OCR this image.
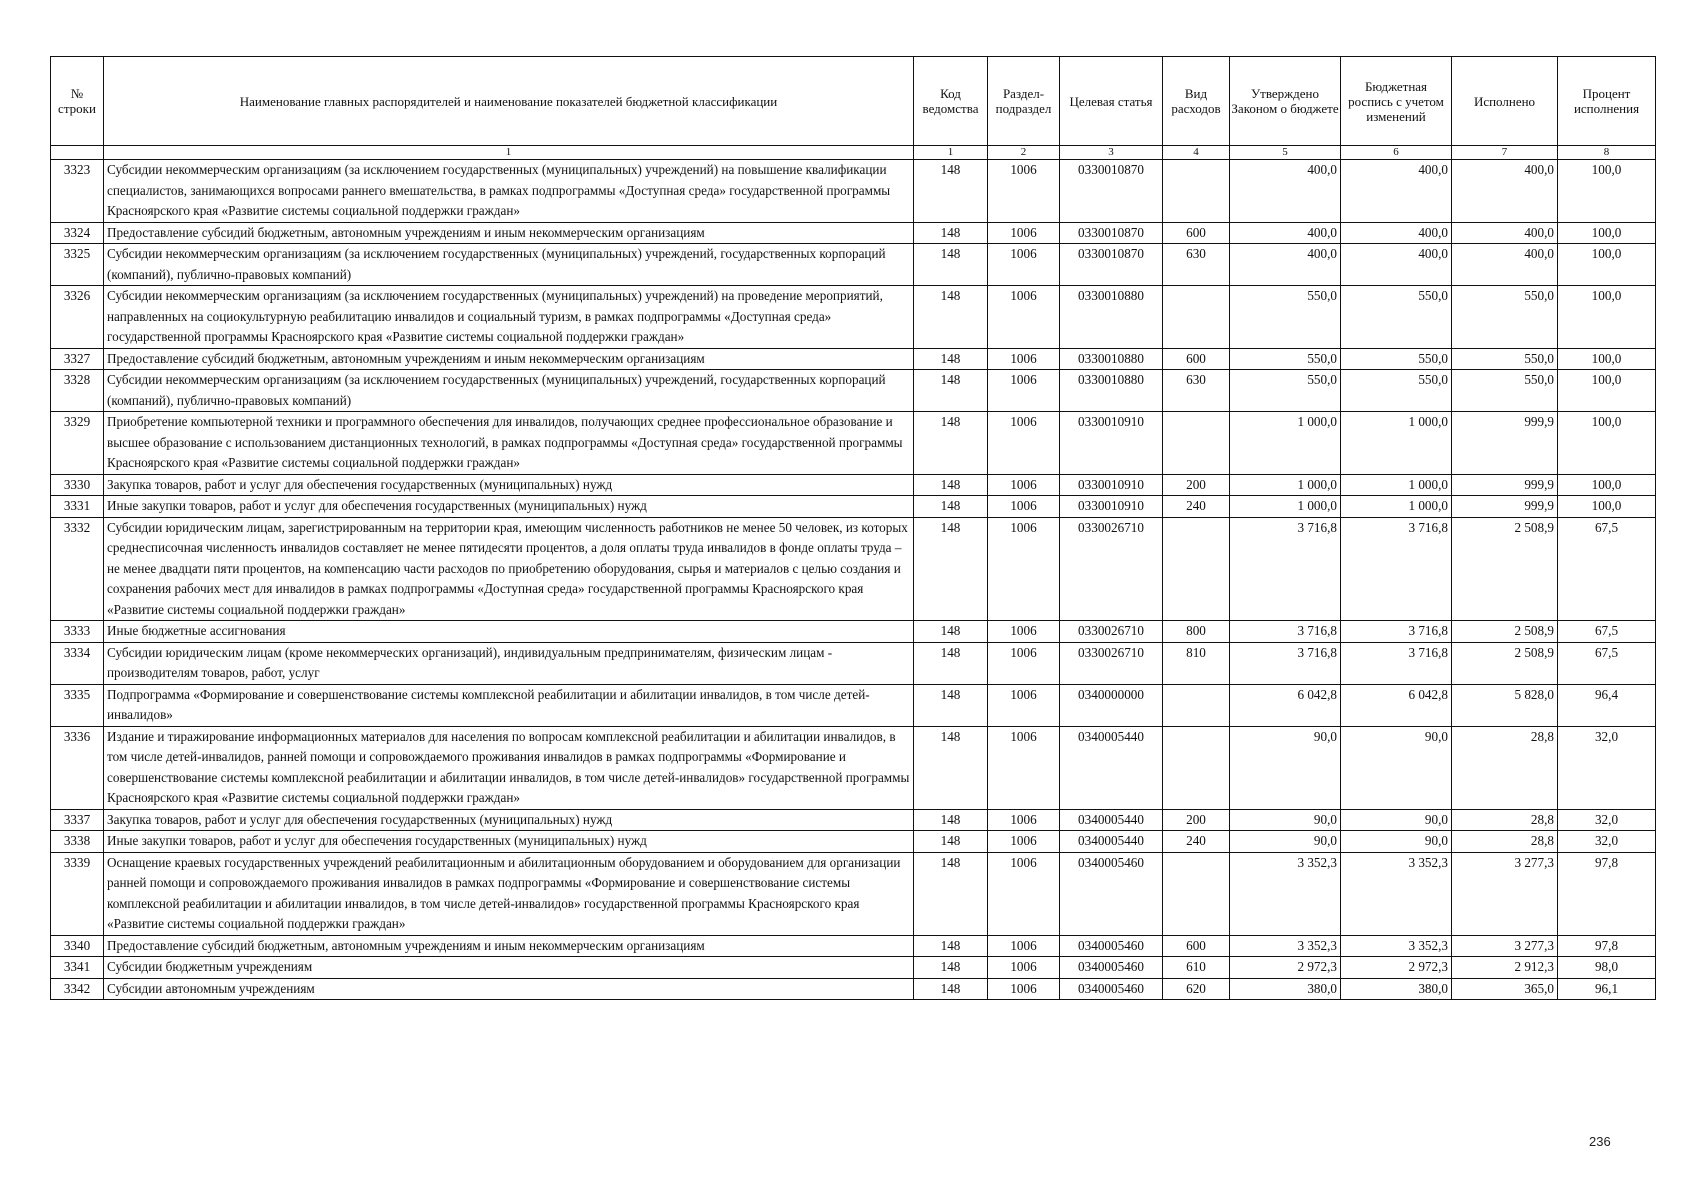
№
строки	Наименование главных распорядителей и наименование показателей бюджетной классификации	Код ведомства	Раздел-подраздел	Целевая статья	Вид расходов	Утверждено Законом о бюджете	Бюджетная роспись с учетом изменений	Исполнено	Процент исполнения
	1	1	2	3	4	5	6	7	8
3323	Субсидии некоммерческим организациям (за исключением государственных (муниципальных) учреждений) на повышение квалификации специалистов, занимающихся вопросами раннего вмешательства, в рамках подпрограммы «Доступная среда» государственной программы Красноярского края «Развитие системы социальной поддержки граждан»	148	1006	0330010870		400,0	400,0	400,0	100,0
3324	Предоставление субсидий бюджетным, автономным учреждениям и иным некоммерческим организациям	148	1006	0330010870	600	400,0	400,0	400,0	100,0
3325	Субсидии некоммерческим организациям (за исключением государственных (муниципальных) учреждений, государственных корпораций (компаний), публично-правовых компаний)	148	1006	0330010870	630	400,0	400,0	400,0	100,0
3326	Субсидии некоммерческим организациям (за исключением государственных (муниципальных) учреждений) на проведение мероприятий, направленных на социокультурную реабилитацию инвалидов и социальный туризм, в рамках подпрограммы «Доступная среда» государственной программы Красноярского края «Развитие системы социальной поддержки граждан»	148	1006	0330010880		550,0	550,0	550,0	100,0
3327	Предоставление субсидий бюджетным, автономным учреждениям и иным некоммерческим организациям	148	1006	0330010880	600	550,0	550,0	550,0	100,0
3328	Субсидии некоммерческим организациям (за исключением государственных (муниципальных) учреждений, государственных корпораций (компаний), публично-правовых компаний)	148	1006	0330010880	630	550,0	550,0	550,0	100,0
3329	Приобретение компьютерной техники и программного обеспечения для инвалидов, получающих среднее профессиональное образование и высшее образование с использованием дистанционных технологий, в рамках подпрограммы «Доступная среда» государственной программы Красноярского края «Развитие системы социальной поддержки граждан»	148	1006	0330010910		1 000,0	1 000,0	999,9	100,0
3330	Закупка товаров, работ и услуг для обеспечения государственных (муниципальных) нужд	148	1006	0330010910	200	1 000,0	1 000,0	999,9	100,0
3331	Иные закупки товаров, работ и услуг для обеспечения государственных (муниципальных) нужд	148	1006	0330010910	240	1 000,0	1 000,0	999,9	100,0
3332	Субсидии юридическим лицам, зарегистрированным на территории края, имеющим численность работников не менее 50 человек, из которых среднесписочная численность инвалидов составляет не менее пятидесяти процентов, а доля оплаты труда инвалидов в фонде оплаты труда – не менее двадцати пяти процентов, на компенсацию части расходов по приобретению оборудования, сырья и материалов с целью создания и сохранения рабочих мест для инвалидов в рамках подпрограммы «Доступная среда» государственной программы Красноярского края «Развитие системы социальной поддержки граждан»	148	1006	0330026710		3 716,8	3 716,8	2 508,9	67,5
3333	Иные бюджетные ассигнования	148	1006	0330026710	800	3 716,8	3 716,8	2 508,9	67,5
3334	Субсидии юридическим лицам (кроме некоммерческих организаций), индивидуальным предпринимателям, физическим лицам - производителям товаров, работ, услуг	148	1006	0330026710	810	3 716,8	3 716,8	2 508,9	67,5
3335	Подпрограмма «Формирование и совершенствование системы комплексной реабилитации и абилитации инвалидов, в том числе детей-инвалидов»	148	1006	0340000000		6 042,8	6 042,8	5 828,0	96,4
3336	Издание и тиражирование информационных материалов для населения по вопросам комплексной реабилитации и абилитации инвалидов, в том числе детей-инвалидов, ранней помощи и сопровождаемого проживания инвалидов в рамках подпрограммы «Формирование и совершенствование системы комплексной реабилитации и абилитации инвалидов, в том числе детей-инвалидов» государственной программы Красноярского края «Развитие системы социальной поддержки граждан»	148	1006	0340005440		90,0	90,0	28,8	32,0
3337	Закупка товаров, работ и услуг для обеспечения государственных (муниципальных) нужд	148	1006	0340005440	200	90,0	90,0	28,8	32,0
3338	Иные закупки товаров, работ и услуг для обеспечения государственных (муниципальных) нужд	148	1006	0340005440	240	90,0	90,0	28,8	32,0
3339	Оснащение краевых государственных учреждений реабилитационным и абилитационным оборудованием и оборудованием для организации ранней помощи и сопровождаемого проживания инвалидов в рамках подпрограммы «Формирование и совершенствование системы комплексной реабилитации и абилитации инвалидов, в том числе детей-инвалидов» государственной программы Красноярского края «Развитие системы социальной поддержки граждан»	148	1006	0340005460		3 352,3	3 352,3	3 277,3	97,8
3340	Предоставление субсидий бюджетным, автономным учреждениям и иным некоммерческим организациям	148	1006	0340005460	600	3 352,3	3 352,3	3 277,3	97,8
3341	Субсидии бюджетным учреждениям	148	1006	0340005460	610	2 972,3	2 972,3	2 912,3	98,0
3342	Субсидии автономным учреждениям	148	1006	0340005460	620	380,0	380,0	365,0	96,1
236
